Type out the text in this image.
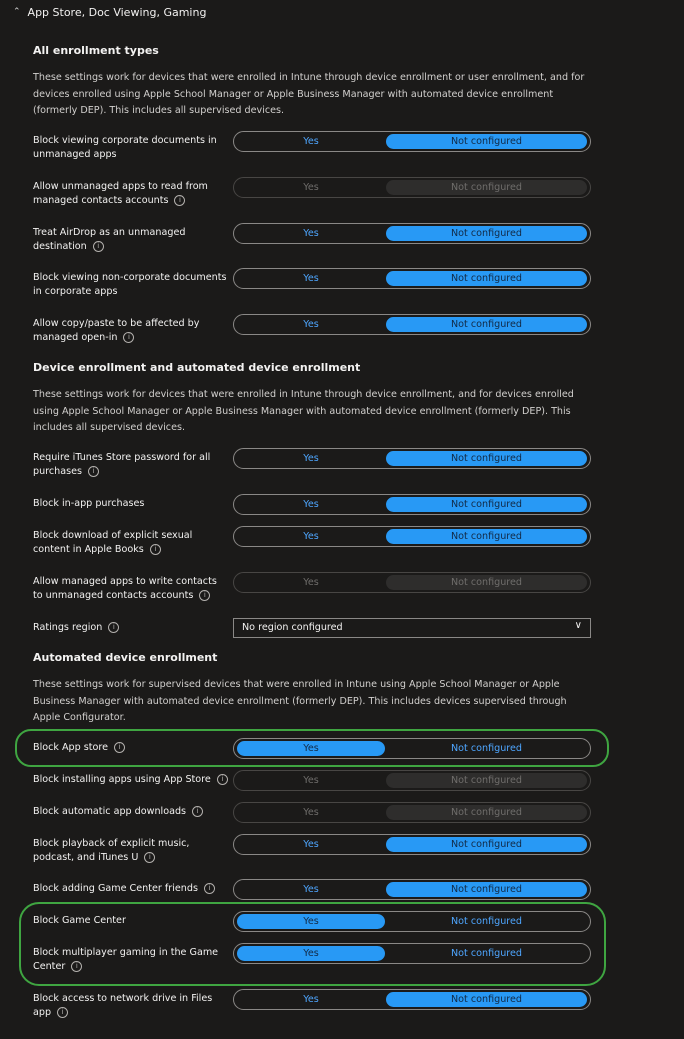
⌃ App Store, Doc Viewing, Gaming
All enrollment types
These settings work for devices that were enrolled in Intune through device enrollment or user enrollment, and for devices enrolled using Apple School Manager or Apple Business Manager with automated device enrollment (formerly DEP). This includes all supervised devices.
Block viewing corporate documents in unmanaged apps
Yes	Not configured
Allow unmanaged apps to read from managed contacts accounts i
Yes	Not configured
Treat AirDrop as an unmanaged destination i
Yes	Not configured
Block viewing non-corporate documents in corporate apps
Yes	Not configured
Allow copy/paste to be affected by managed open-in i
Yes	Not configured
Device enrollment and automated device enrollment
These settings work for devices that were enrolled in Intune through device enrollment, and for devices enrolled using Apple School Manager or Apple Business Manager with automated device enrollment (formerly DEP). This includes all supervised devices.
Require iTunes Store password for all purchases i
Yes	Not configured
Block in-app purchases	Yes	Not configured
Block download of explicit sexual content in Apple Books i
Yes	Not configured
Allow managed apps to write contacts to unmanaged contacts accounts i
Yes	Not configured
Ratings region i	No region configured	∨
Automated device enrollment
These settings work for supervised devices that were enrolled in Intune using Apple School Manager or Apple Business Manager with automated device enrollment (formerly DEP). This includes devices supervised through Apple Configurator.
Block App store i	Yes	Not configured
Block installing apps using App Store i	Yes	Not configured
Block automatic app downloads i	Yes	Not configured
Block playback of explicit music, podcast, and iTunes U i
Yes	Not configured
Block adding Game Center friends i	Yes	Not configured
Block Game Center	Yes	Not configured
Block multiplayer gaming in the Game Center i
Yes	Not configured
Block access to network drive in Files app i
Yes	Not configured
